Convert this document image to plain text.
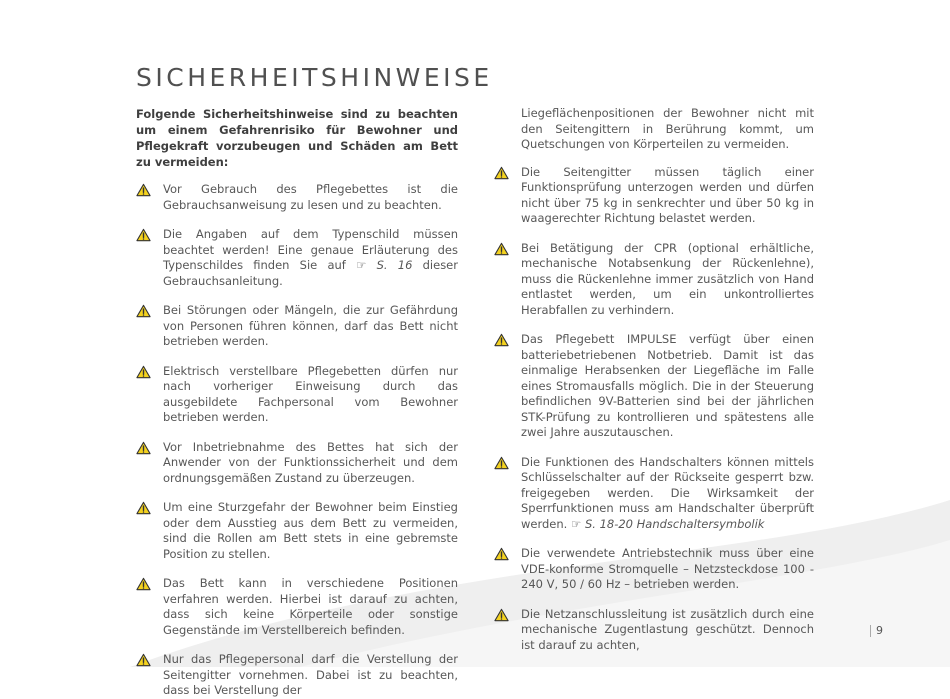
SICHERHEITSHINWEISE

Folgende Sicherheitshinweise sind zu beachten um einem Gefahrenrisiko für Bewohner und Pflegekraft vorzubeugen und Schäden am Bett zu vermeiden:

Vor Gebrauch des Pflegebettes ist die Gebrauchsanweisung zu lesen und zu beachten.
Die Angaben auf dem Typenschild müssen beachtet werden! Eine genaue Erläuterung des Typenschildes finden Sie auf ☞ S. 16 dieser Gebrauchsanleitung.
Bei Störungen oder Mängeln, die zur Gefährdung von Personen führen können, darf das Bett nicht betrieben werden.
Elektrisch verstellbare Pflegebetten dürfen nur nach vorheriger Einweisung durch das ausgebildete Fachpersonal vom Bewohner betrieben werden.
Vor Inbetriebnahme des Bettes hat sich der Anwender von der Funktionssicherheit und dem ordnungsgemäßen Zustand zu überzeugen.
Um eine Sturzgefahr der Bewohner beim Einstieg oder dem Ausstieg aus dem Bett zu vermeiden, sind die Rollen am Bett stets in eine gebremste Position zu stellen.
Das Bett kann in verschiedene Positionen verfahren werden. Hierbei ist darauf zu achten, dass sich keine Körperteile oder sonstige Gegenstände im Verstellbereich befinden.
Nur das Pflegepersonal darf die Verstellung der Seitengitter vornehmen. Dabei ist zu beachten, dass bei Verstellung der

Liegeflächenpositionen der Bewohner nicht mit den Seitengittern in Berührung kommt, um Quetschungen von Körperteilen zu vermeiden.

Die Seitengitter müssen täglich einer Funktionsprüfung unterzogen werden und dürfen nicht über 75 kg in senkrechter und über 50 kg in waagerechter Richtung belastet werden.
Bei Betätigung der CPR (optional erhältliche, mechanische Notabsenkung der Rückenlehne), muss die Rückenlehne immer zusätzlich von Hand entlastet werden, um ein unkontrolliertes Herabfallen zu verhindern.
Das Pflegebett IMPULSE verfügt über einen batteriebetriebenen Notbetrieb. Damit ist das einmalige Herabsenken der Liegefläche im Falle eines Stromausfalls möglich. Die in der Steuerung befindlichen 9V-Batterien sind bei der jährlichen STK-Prüfung zu kontrollieren und spätestens alle zwei Jahre auszutauschen.
Die Funktionen des Handschalters können mittels Schlüsselschalter auf der Rückseite gesperrt bzw. freigegeben werden. Die Wirksamkeit der Sperrfunktionen muss am Handschalter überprüft werden. ☞ S. 18-20 Handschaltersymbolik
Die verwendete Antriebstechnik muss über eine VDE-konforme Stromquelle – Netzsteckdose 100 - 240 V, 50 / 60 Hz – betrieben werden.
Die Netzanschlussleitung ist zusätzlich durch eine mechanische Zugentlastung geschützt. Dennoch ist darauf zu achten,
9
